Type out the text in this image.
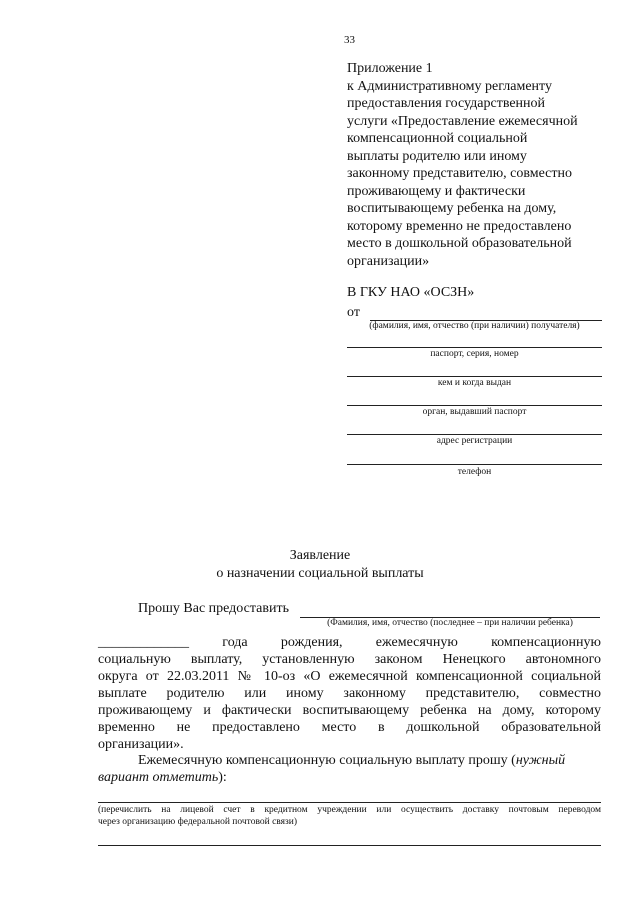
33
Приложение 1
к Административному регламенту
предоставления государственной
услуги «Предоставление ежемесячной
компенсационной социальной
выплаты родителю или иному
законному представителю, совместно
проживающему и фактически
воспитывающему ребенка на дому,
которому временно не предоставлено
место в дошкольной образовательной
организации»
В ГКУ НАО «ОСЗН»
от
(фамилия, имя, отчество (при наличии) получателя)
паспорт, серия, номер
кем и когда выдан
орган, выдавший паспорт
адрес регистрации
телефон
Заявление
о назначении социальной выплаты
Прошу Вас предоставить
(Фамилия, имя, отчество (последнее – при наличии ребенка)
_____________ года рождения, ежемесячную компенсационную
социальную выплату, установленную законом Ненецкого автономного
округа от 22.03.2011 № 10-оз «О ежемесячной компенсационной социальной
выплате родителю или иному законному представителю, совместно
проживающему и фактически воспитывающему ребенка на дому, которому
временно не предоставлено место в дошкольной образовательной
организации».
Ежемесячную компенсационную социальную выплату прошу (нужный
вариант отметить):
(перечислить на лицевой счет в кредитном учреждении или осуществить доставку почтовым переводом
через организацию федеральной почтовой связи)
